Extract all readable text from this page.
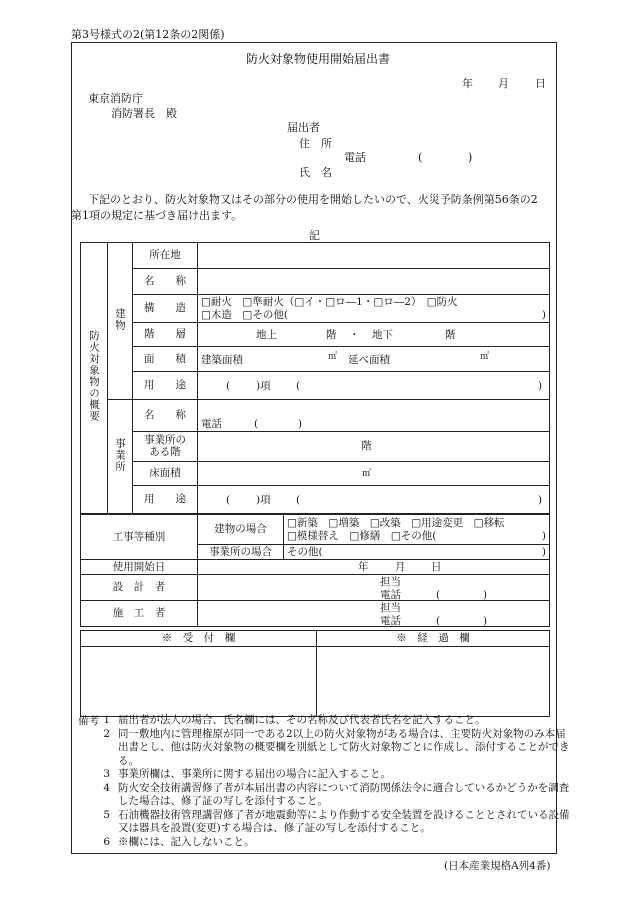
第3号様式の2(第12条の2関係)
防火対象物使用開始届出書
年 月 日
東京消防庁
消防署長　殿
届出者
住　所
電話	(	)
氏　名
下記のとおり、防火対象物又はその部分の使用を開始したいので、火災予防条例第56条の2
第1項の規定に基づき届け出ます。
記
防火対象物の概要	建物	所在地	
		名　　称	
		構　　造	□耐火　□準耐火（□イ・□ロ―1・□ロ―2）　□防火
□木造　□その他( )

		階　　層	地上 階 ・ 地下 階

		面　　積	建築面積 ㎡ 延べ面積 ㎡

		用　　途	( )項 ( )

	事業所	名　　称	電話 ( )

		事業所の
ある階	階
		床面積	㎡
		用　　途	( )項 ( )
工事等種別	建物の場合	□新築　□増築　□改築　□用途変更　□移転
□模様替え　□修繕　□その他( )

	事業所の場合	その他( )

使用開始日	年 月 日	

設　計　者	担当
電話 ( )	

施　工　者	担当
電話 ( )	
※　受　付　欄	※　経　過　欄

備考 1 届出者が法人の場合、氏名欄には、その名称及び代表者氏名を記入すること。
2 同一敷地内に管理権原が同一である2以上の防火対象物がある場合は、主要防火対象物のみ本届出書とし、他は防火対象物の概要欄を別紙として防火対象物ごとに作成し、添付することができる。
3 事業所欄は、事業所に関する届出の場合に記入すること。
4 防火安全技術講習修了者が本届出書の内容について消防関係法令に適合しているかどうかを調査した場合は、修了証の写しを添付すること。
5 石油機器技術管理講習修了者が地震動等により作動する安全装置を設けることとされている設備又は器具を設置(変更)する場合は、修了証の写しを添付すること。
6 ※欄には、記入しないこと。
(日本産業規格A列4番)
